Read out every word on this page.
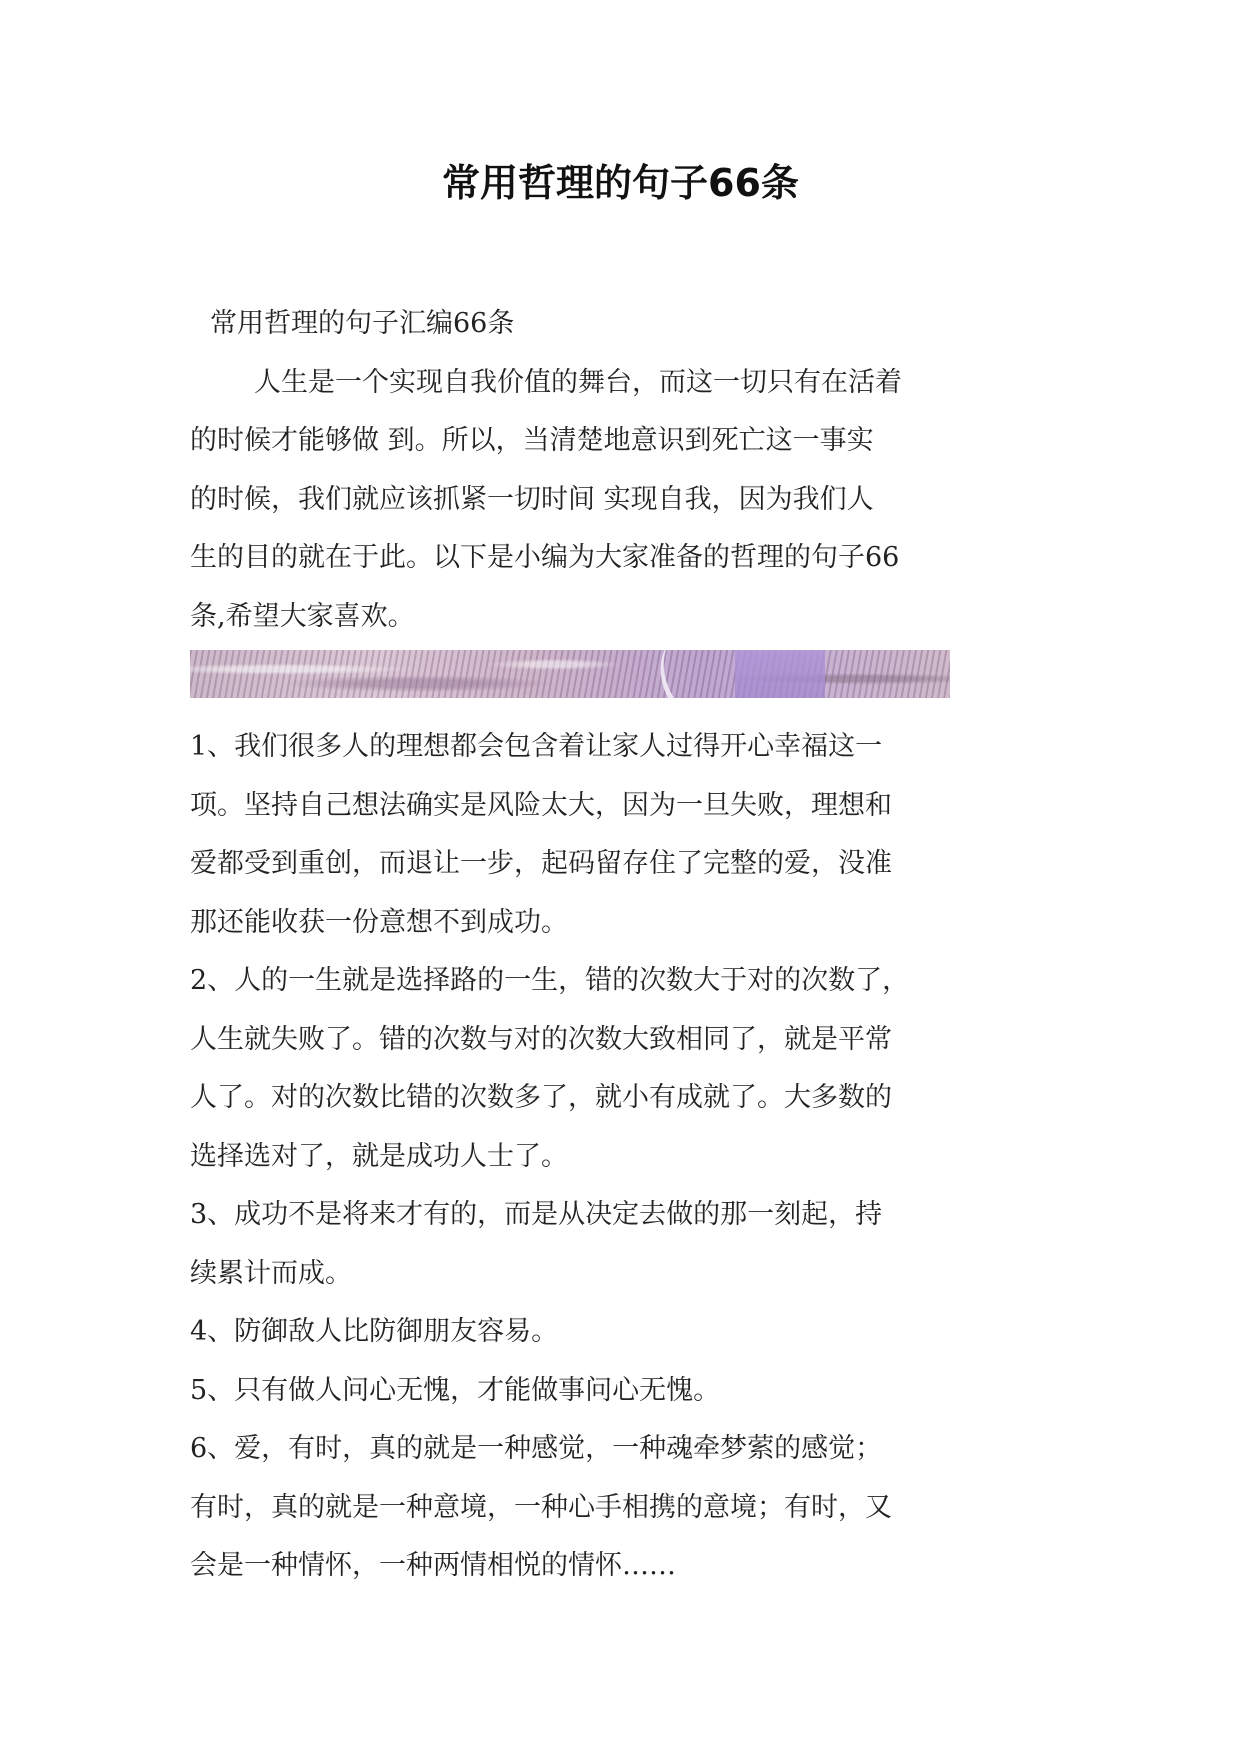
常用哲理的句子66条

常用哲理的句子汇编66条

人生是一个实现自我价值的舞台，而这一切只有在活着

的时候才能够做 到。所以，当清楚地意识到死亡这一事实

的时候，我们就应该抓紧一切时间 实现自我，因为我们人

生的目的就在于此。以下是小编为大家准备的哲理的句子66

条,希望大家喜欢。

1、我们很多人的理想都会包含着让家人过得开心幸福这一

项。坚持自己想法确实是风险太大，因为一旦失败，理想和

爱都受到重创，而退让一步，起码留存住了完整的爱，没准

那还能收获一份意想不到成功。

2、人的一生就是选择路的一生，错的次数大于对的次数了，

人生就失败了。错的次数与对的次数大致相同了，就是平常

人了。对的次数比错的次数多了，就小有成就了。大多数的

选择选对了，就是成功人士了。

3、成功不是将来才有的，而是从决定去做的那一刻起，持

续累计而成。

4、防御敌人比防御朋友容易。

5、只有做人问心无愧，才能做事问心无愧。

6、爱，有时，真的就是一种感觉，一种魂牵梦萦的感觉；

有时，真的就是一种意境，一种心手相携的意境；有时，又

会是一种情怀，一种两情相悦的情怀……
